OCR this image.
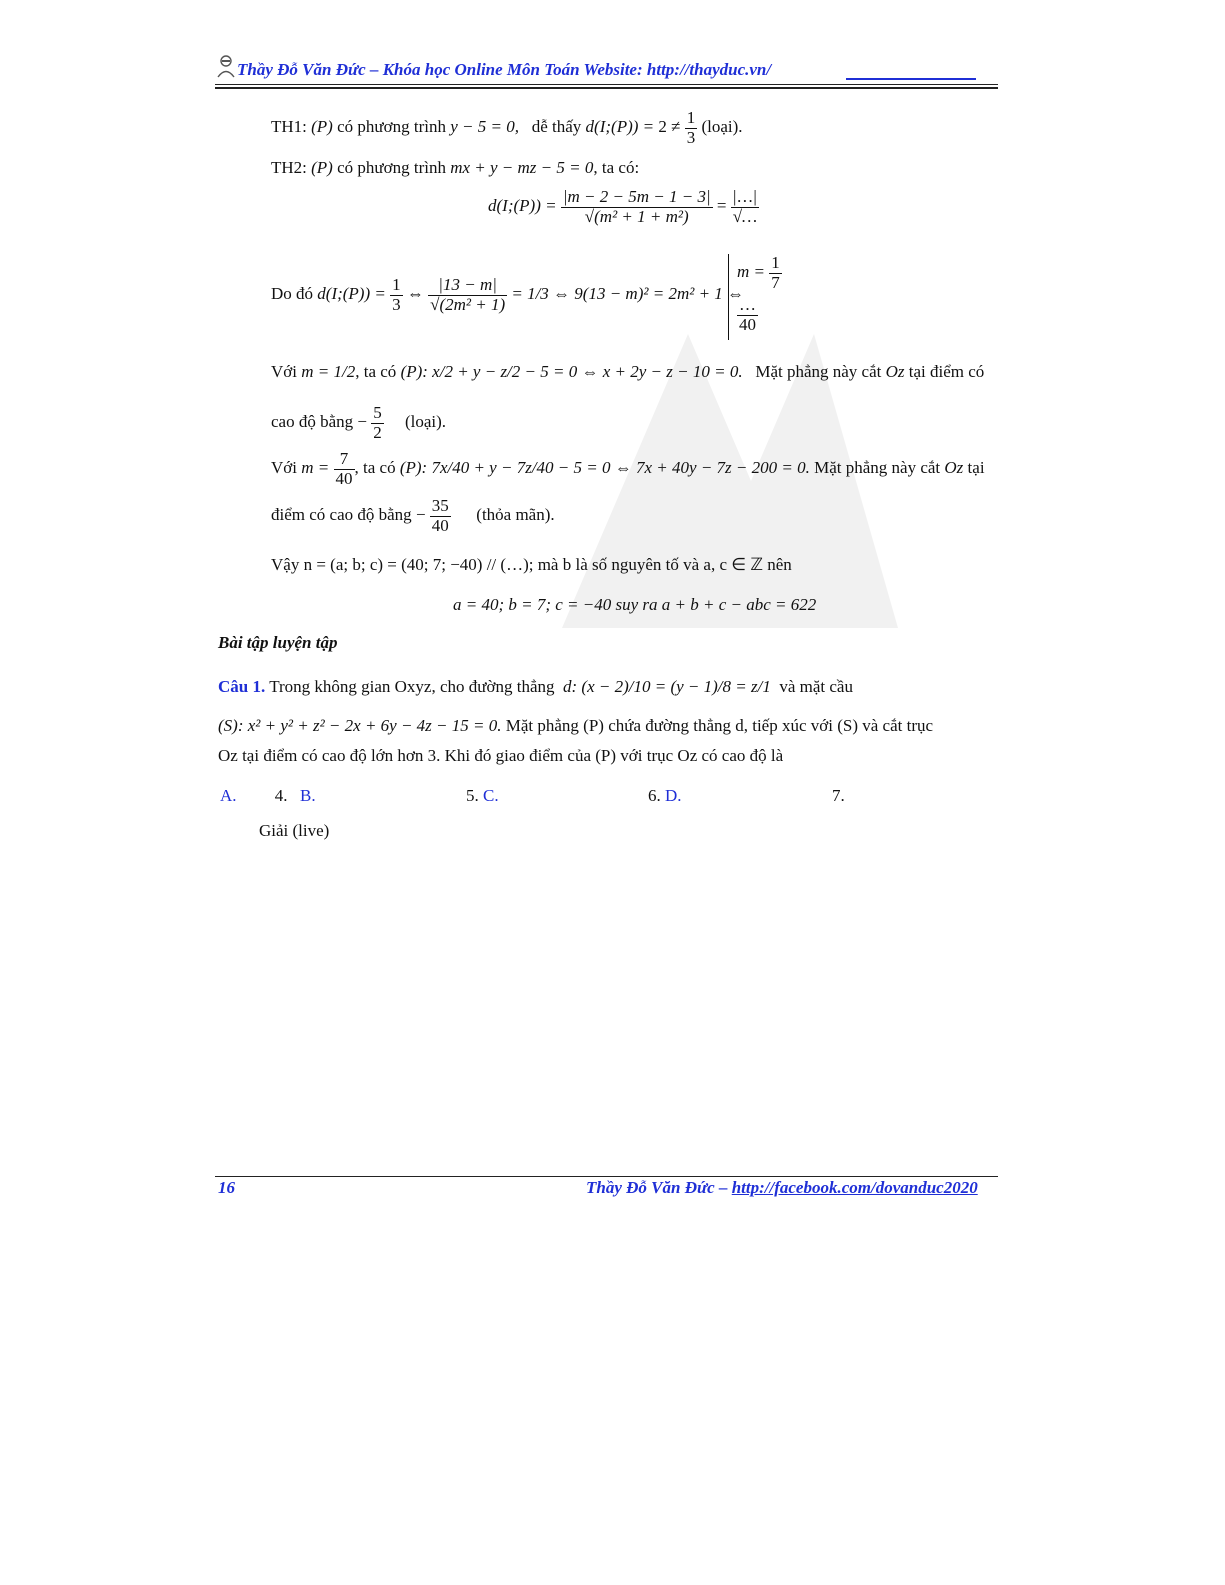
Thầy Đỗ Văn Đức – Khóa học Online Môn Toán Website: http://thayduc.vn/
TH1: (P) có phương trình y − 5 = 0, dễ thấy d(I;(P)) = $2 \ne \frac{1}{3}$ (loại).
TH2: (P) có phương trình mx + y − mz − 5 = 0, ta có:
d(I;(P)) = $\frac{|m - 2 - 5m - 1 - 3|}{\text{√(m² + 1 + m²)}} = \frac{|\dots|}{√\dots}$
Do đó d(I;(P)) = $\frac{1}{3}$ ⇔ $\frac{|13 - m|}{\text{√(2m² + 1)}} = 1/3$ ⇔ 9(13 − m)² = 2m² + 1 ⇔
$m = \frac{1}{7}$
$\frac{\dots}{40}$
Với m = 1/2, ta có (P): x/2 + y − z/2 − 5 = 0 ⇔ x + 2y − z − 10 = 0. Mặt phẳng này cắt Oz tại điểm có
cao độ bằng − $\frac{5}{2}$ (loại).
Với $m = \frac{7}{40}$ , ta có (P): 7x/40 + y − 7z/40 − 5 = 0 ⇔ 7x + 40y − 7z − 200 = 0. Mặt phẳng này cắt Oz tại
điểm có cao độ bằng − $\frac{35}{40}$ (thỏa mãn).
Vậy n = (a; b; c) = (40; 7; −40) // (…); mà b là số nguyên tố và a, c ∈ ℤ nên
a = 40; b = 7; c = −40 suy ra a + b + c − abc = 622
Bài tập luyện tập
Câu 1. Trong không gian Oxyz, cho đường thẳng d: (x − 2)/10 = (y − 1)/8 = z/1 và mặt cầu
(S): x² + y² + z² − 2x + 6y − 4z − 15 = 0. Mặt phẳng (P) chứa đường thẳng d, tiếp xúc với (S) và cắt trục
Oz tại điểm có cao độ lớn hơn 3. Khi đó giao điểm của (P) với trục Oz có cao độ là
A. 4. B.	5. C.	6. D.	7.
Giải (live)
16	Thầy Đỗ Văn Đức – http://facebook.com/dovanduc2020
